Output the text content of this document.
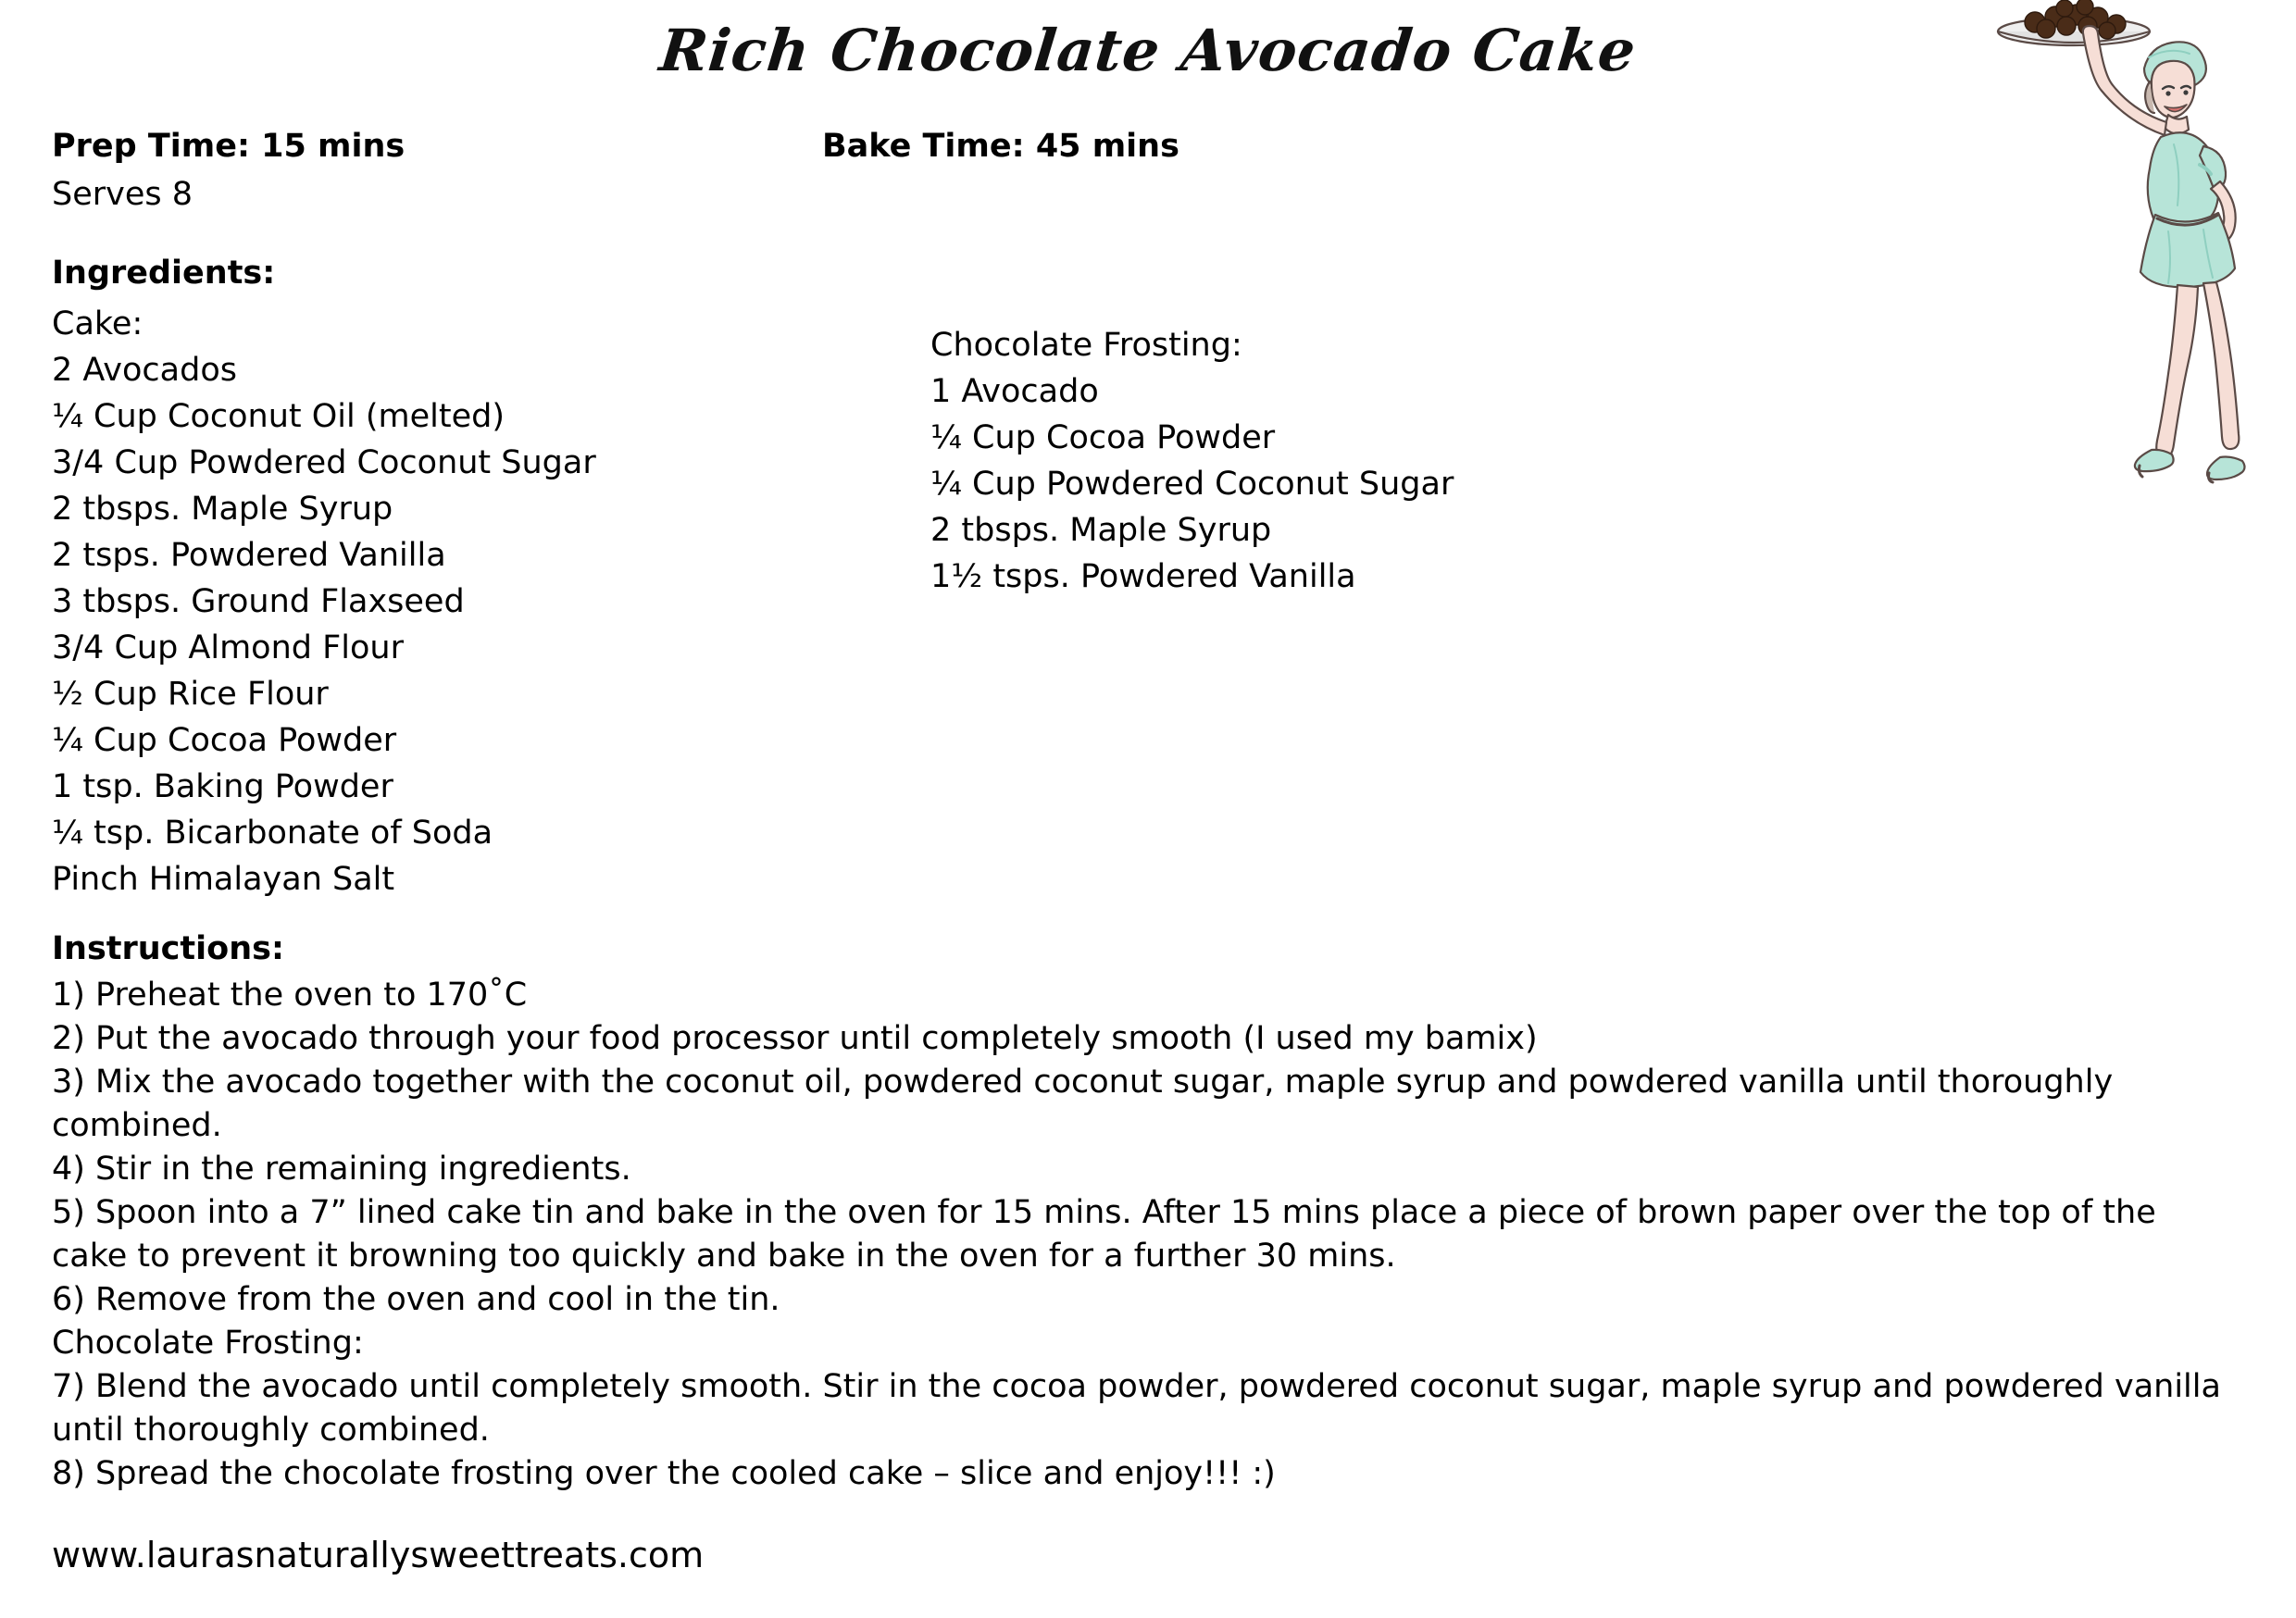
Rich Chocolate Avocado Cake
Prep Time: 15 mins	Bake Time: 45 mins
Serves 8
Ingredients:
Cake:
2 Avocados
¼ Cup Coconut Oil (melted)
3/4 Cup Powdered Coconut Sugar
2 tbsps. Maple Syrup
2 tsps. Powdered Vanilla
3 tbsps. Ground Flaxseed
3/4 Cup Almond Flour
½ Cup Rice Flour
¼ Cup Cocoa Powder
1 tsp. Baking Powder
¼ tsp. Bicarbonate of Soda
Pinch Himalayan Salt
Chocolate Frosting:
1 Avocado
¼ Cup Cocoa Powder
¼ Cup Powdered Coconut Sugar
2 tbsps. Maple Syrup
1½ tsps. Powdered Vanilla
Instructions:

1) Preheat the oven to 170˚C

2) Put the avocado through your food processor until completely smooth (I used my bamix)

3) Mix the avocado together with the coconut oil, powdered coconut sugar, maple syrup and powdered vanilla until thoroughly combined.

4) Stir in the remaining ingredients.

5) Spoon into a 7” lined cake tin and bake in the oven for 15 mins. After 15 mins place a piece of brown paper over the top of the cake to prevent it browning too quickly and bake in the oven for a further 30 mins.

6) Remove from the oven and cool in the tin.

Chocolate Frosting:

7) Blend the avocado until completely smooth. Stir in the cocoa powder, powdered coconut sugar, maple syrup and powdered vanilla until thoroughly combined.

8) Spread the chocolate frosting over the cooled cake – slice and enjoy!!! :)

www.laurasnaturallysweettreats.com
